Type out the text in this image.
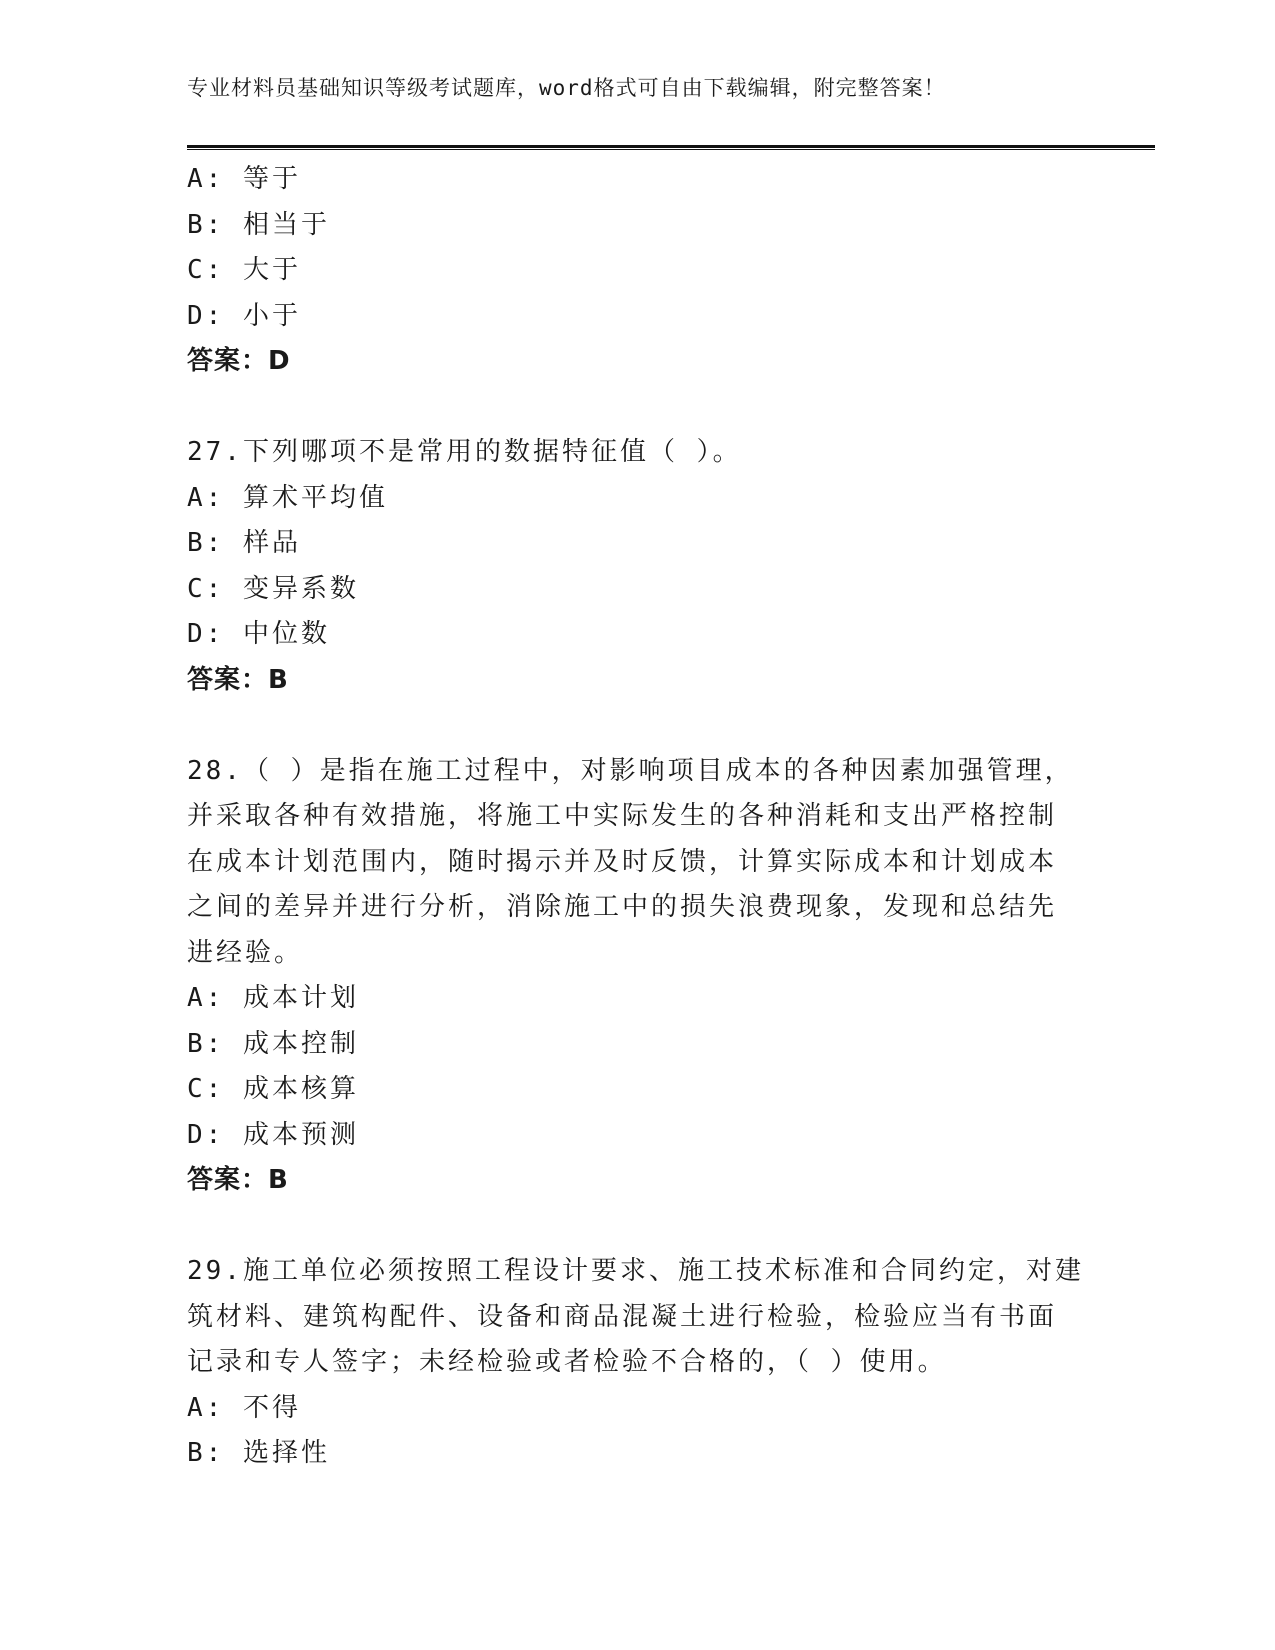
专业材料员基础知识等级考试题库，word格式可自由下载编辑，附完整答案！
A: 等于
B: 相当于
C: 大于
D: 小于
答案：D
27.下列哪项不是常用的数据特征值（ ）。
A: 算术平均值
B: 样品
C: 变异系数
D: 中位数
答案：B
28.（ ）是指在施工过程中，对影响项目成本的各种因素加强管理，
并采取各种有效措施，将施工中实际发生的各种消耗和支出严格控制
在成本计划范围内，随时揭示并及时反馈，计算实际成本和计划成本
之间的差异并进行分析，消除施工中的损失浪费现象，发现和总结先
进经验。
A: 成本计划
B: 成本控制
C: 成本核算
D: 成本预测
答案：B
29.施工单位必须按照工程设计要求、施工技术标准和合同约定，对建
筑材料、建筑构配件、设备和商品混凝土进行检验，检验应当有书面
记录和专人签字；未经检验或者检验不合格的，（ ）使用。
A: 不得
B: 选择性
